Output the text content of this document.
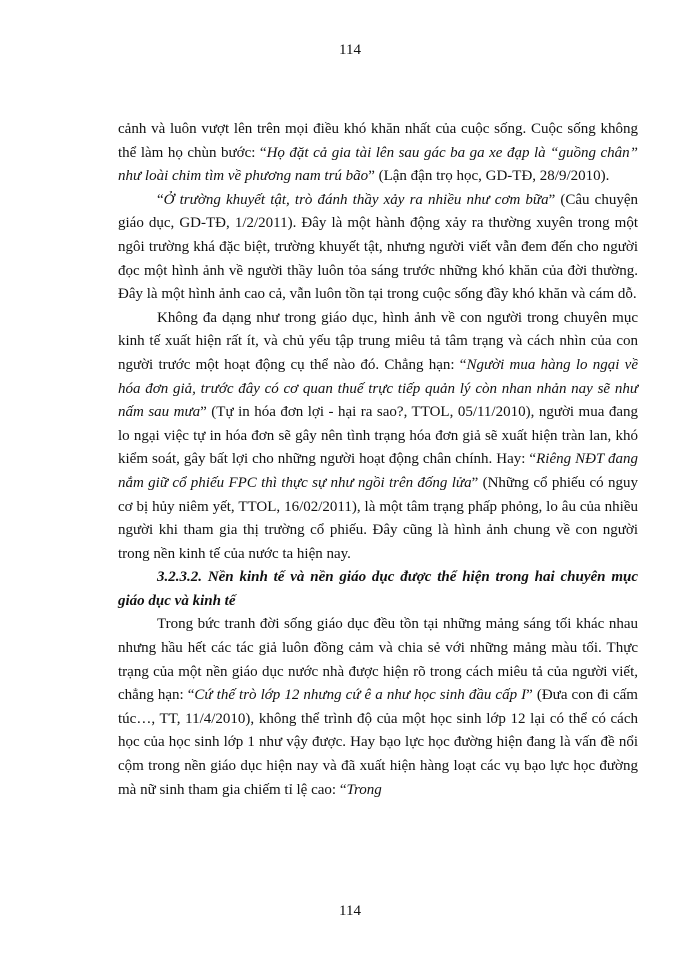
114

cảnh và luôn vượt lên trên mọi điều khó khăn nhất của cuộc sống. Cuộc sống không thể làm họ chùn bước: “Họ đặt cả gia tài lên sau gác ba ga xe đạp là “guồng chân” như loài chim tìm về phương nam trú bão” (Lận đận trọ học, GD-TĐ, 28/9/2010).

“Ở trường khuyết tật, trò đánh thầy xảy ra nhiều như cơm bữa” (Câu chuyện giáo dục, GD-TĐ, 1/2/2011). Đây là một hành động xảy ra thường xuyên trong một ngôi trường khá đặc biệt, trường khuyết tật, nhưng người viết vẫn đem đến cho người đọc một hình ảnh về người thầy luôn tỏa sáng trước những khó khăn của đời thường. Đây là một hình ảnh cao cả, vẫn luôn tồn tại trong cuộc sống đầy khó khăn và cám dỗ.

Không đa dạng như trong giáo dục, hình ảnh về con người trong chuyên mục kinh tế xuất hiện rất ít, và chủ yếu tập trung miêu tả tâm trạng và cách nhìn của con người trước một hoạt động cụ thể nào đó. Chẳng hạn: “Người mua hàng lo ngại về hóa đơn giả, trước đây có cơ quan thuế trực tiếp quản lý còn nhan nhản nay sẽ như nấm sau mưa” (Tự in hóa đơn lợi - hại ra sao?, TTOL, 05/11/2010), người mua đang lo ngại việc tự in hóa đơn sẽ gây nên tình trạng hóa đơn giả sẽ xuất hiện tràn lan, khó kiểm soát, gây bất lợi cho những người hoạt động chân chính. Hay: “Riêng NĐT đang nắm giữ cổ phiếu FPC thì thực sự như ngồi trên đống lửa” (Những cổ phiếu có nguy cơ bị hủy niêm yết, TTOL, 16/02/2011), là một tâm trạng phấp phỏng, lo âu của nhiều người khi tham gia thị trường cổ phiếu. Đây cũng là hình ảnh chung về con người trong nền kinh tế của nước ta hiện nay.

3.2.3.2. Nền kinh tế và nền giáo dục được thể hiện trong hai chuyên mục giáo dục và kinh tế

Trong bức tranh đời sống giáo dục đều tồn tại những mảng sáng tối khác nhau nhưng hầu hết các tác giả luôn đồng cảm và chia sẻ với những mảng màu tối. Thực trạng của một nền giáo dục nước nhà được hiện rõ trong cách miêu tả của người viết, chẳng hạn: “Cứ thế trò lớp 12 nhưng cứ ê a như học sinh đầu cấp I” (Đưa con đi cấm túc…, TT, 11/4/2010), không thể trình độ của một học sinh lớp 12 lại có thể có cách học của học sinh lớp 1 như vậy được. Hay bạo lực học đường hiện đang là vấn đề nổi cộm trong nền giáo dục hiện nay và đã xuất hiện hàng loạt các vụ bạo lực học đường mà nữ sinh tham gia chiếm tỉ lệ cao: “Trong

114
